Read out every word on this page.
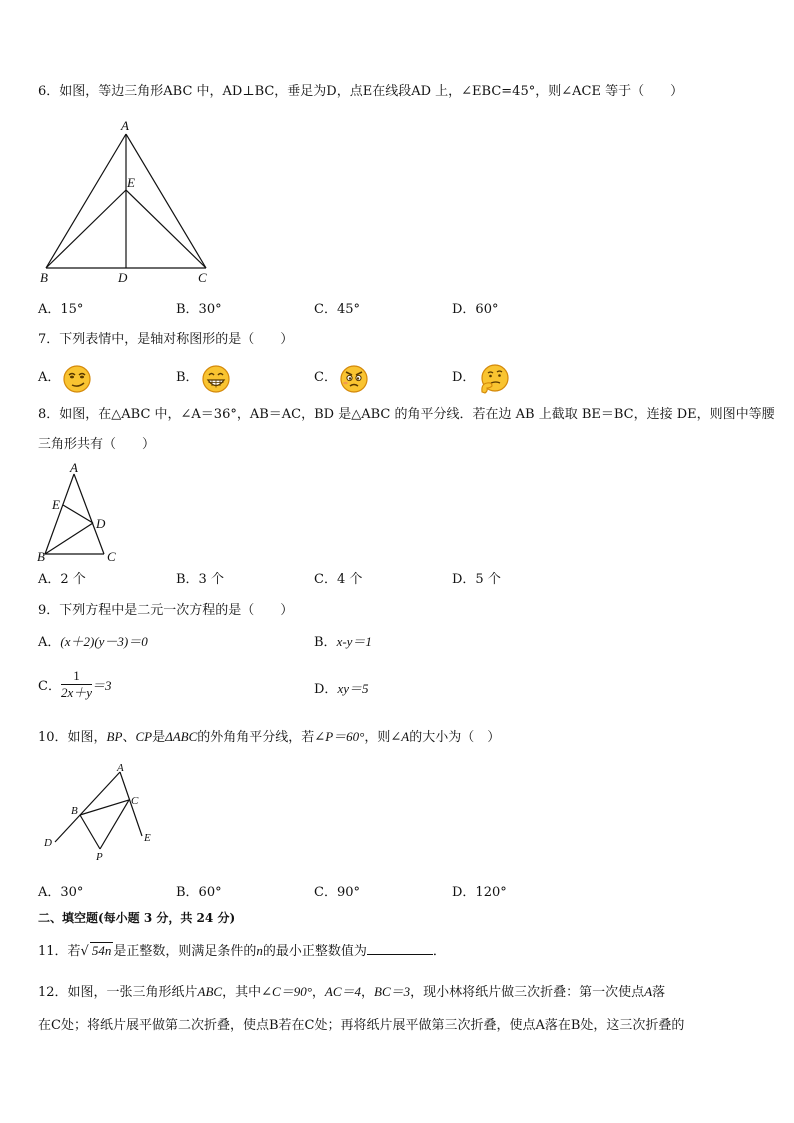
6．如图，等边三角形ABC 中，AD⊥BC，垂足为D，点E在线段AD 上，∠EBC=45°，则∠ACE 等于（　　）
A
E
B	D	C
A．15°	B．30°	C．45°	D．60°
7．下列表情中，是轴对称图形的是（　　）
A．	B．	C．	D．
8．如图，在△ABC 中，∠A＝36°，AB＝AC，BD 是△ABC 的角平分线．若在边 AB 上截取 BE＝BC，连接 DE，则图中等腰
三角形共有（　　）
A
E
D
B	C
A．2 个	B．3 个	C．4 个	D．5 个
9．下列方程中是二元一次方程的是（　　）
A．(x＋2)(y－3)＝0	B．x-y＝1
C． $\frac{1}{2x+y} =3$	D．xy＝5
10．如图，BP、CP是ΔABC的外角角平分线，若∠P＝60°，则∠A的大小为（　）
A
B
C
D	E
P
A．30°	B．60°	C．90°	D．120°
二、填空题(每小题 3 分，共 24 分)
11．若√ 54n 是正整数，则满足条件的n的最小正整数值为	．
12．如图，一张三角形纸片ABC，其中∠C＝90°，AC＝4，BC＝3，现小林将纸片做三次折叠：第一次使点A落
在C处；将纸片展平做第二次折叠，使点B若在C处；再将纸片展平做第三次折叠，使点A落在B处，这三次折叠的
